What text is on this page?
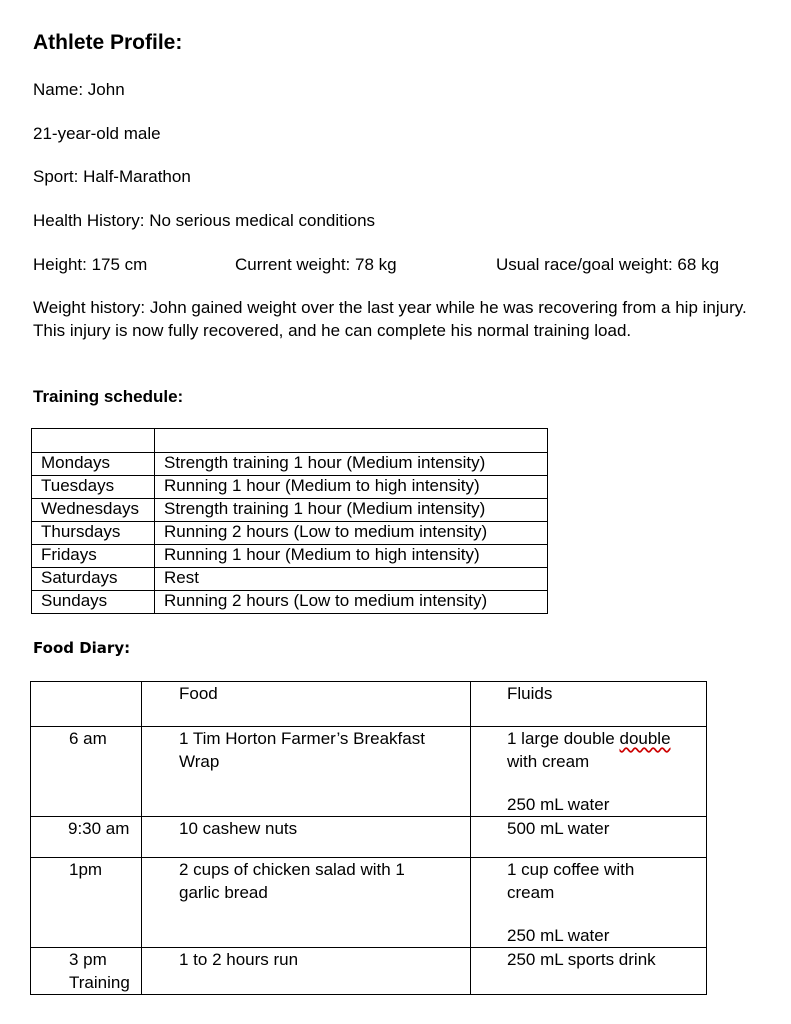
Athlete Profile:
Name: John
21-year-old male
Sport: Half-Marathon
Health History: No serious medical conditions
Height: 175 cm	Current weight: 78 kg	Usual race/goal weight: 68 kg
Weight history: John gained weight over the last year while he was recovering from a hip injury. This injury is now fully recovered, and he can complete his normal training load.
Training schedule:

Mondays	Strength training 1 hour (Medium intensity)
Tuesdays	Running 1 hour (Medium to high intensity)
Wednesdays	Strength training 1 hour (Medium intensity)
Thursdays	Running 2 hours (Low to medium intensity)
Fridays	Running 1 hour (Medium to high intensity)
Saturdays	Rest
Sundays	Running 2 hours (Low to medium intensity)
Food Diary:

	Food	Fluids

6 am	1 Tim Horton Farmer’s Breakfast Wrap	1 large double double
with cream
250 mL water

9:30 am	10 cashew nuts	500 mL water

1pm	2 cups of chicken salad with 1 garlic bread	1 cup coffee with cream
250 mL water

3 pm Training	1 to 2 hours run	250 mL sports drink
